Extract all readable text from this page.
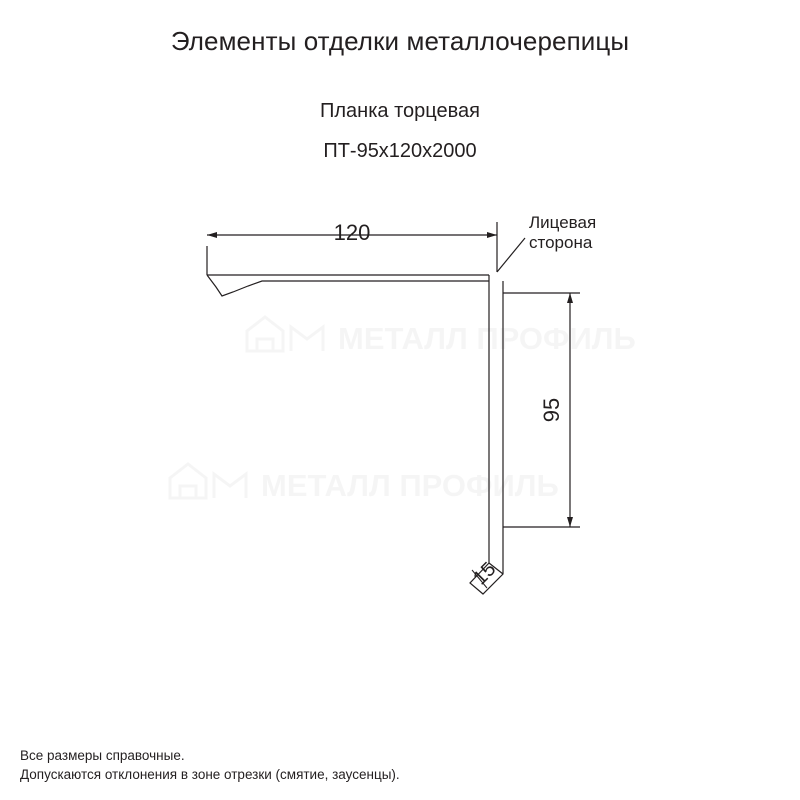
Элементы отделки металлочерепицы
Планка торцевая
ПТ-95x120x2000
МЕТАЛЛ ПРОФИЛЬ
МЕТАЛЛ ПРОФИЛЬ
120
95
15
Лицевая
сторона
Все размеры справочные.
Допускаются отклонения в зоне отрезки (смятие, заусенцы).
